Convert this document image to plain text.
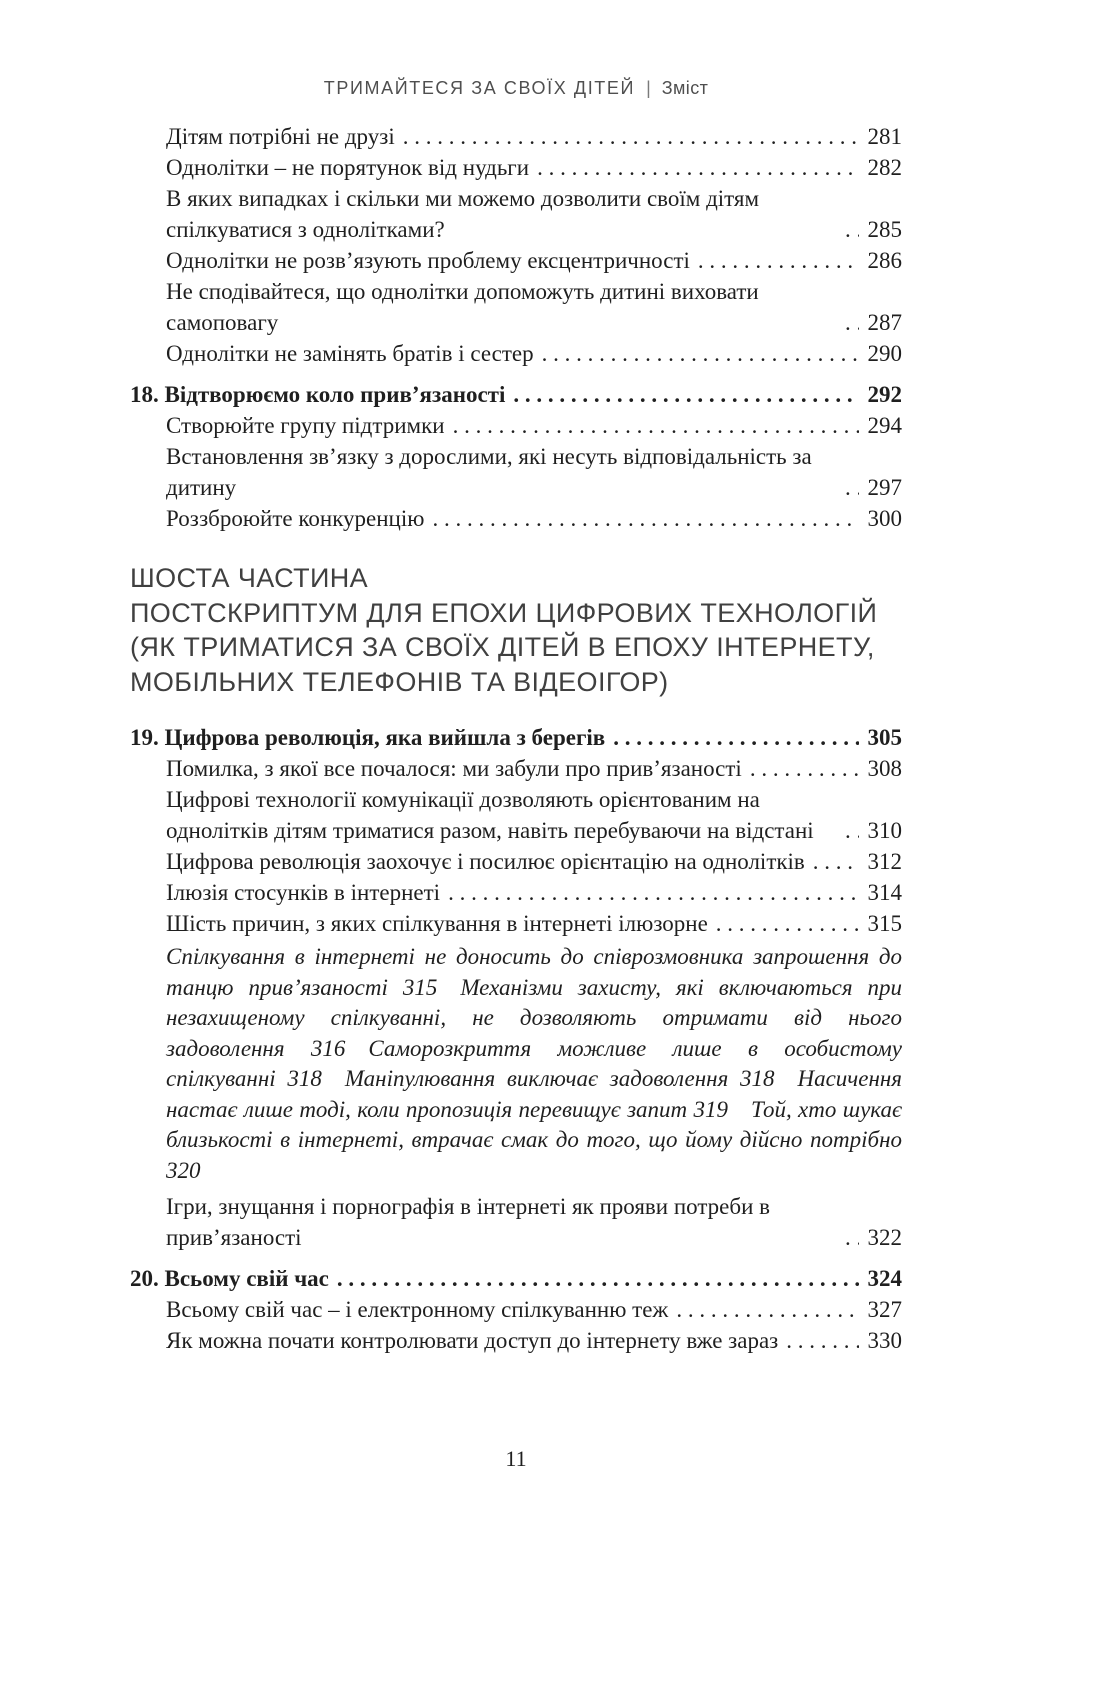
ТРИМАЙТЕСЯ ЗА СВОЇХ ДІТЕЙ | Зміст
Дітям потрібні не друзі . . .	281
Однолітки – не порятунок від нудьги . . .	282
В яких випадках і скільки ми можемо дозволити своїм дітям спілкуватися з однолітками? . . .	285
Однолітки не розв’язують проблему ексцентричності . . .	286
Не сподівайтеся, що однолітки допоможуть дитині виховати самоповагу . . .	287
Однолітки не замінять братів і сестер . . .	290
18. Відтворюємо коло прив’язаності . . .	292
Створюйте групу підтримки . . .	294
Встановлення зв’язку з дорослими, які несуть відповідальність за дитину . . .	297
Роззброюйте конкуренцію . . .	300
ШОСТА ЧАСТИНА
ПОСТСКРИПТУМ ДЛЯ ЕПОХИ ЦИФРОВИХ ТЕХНОЛОГІЙ
(ЯК ТРИМАТИСЯ ЗА СВОЇХ ДІТЕЙ В ЕПОХУ ІНТЕРНЕТУ,
МОБІЛЬНИХ ТЕЛЕФОНІВ ТА ВІДЕОІГОР)
19. Цифрова революція, яка вийшла з берегів . . .	305
Помилка, з якої все почалося: ми забули про прив’язаності . . .	308
Цифрові технології комунікації дозволяють орієнтованим на однолітків дітям триматися разом, навіть перебуваючи на відстані . . .	310
Цифрова революція заохочує і посилює орієнтацію на однолітків . . .	312
Ілюзія стосунків в інтернеті . . .	314
Шість причин, з яких спілкування в інтернеті ілюзорне . . .	315
Спілкування в інтернеті не доносить до співрозмовника запрошення до танцю прив’язаності 315 Механізми захисту, які включаються при незахищеному спілкуванні, не дозволяють отримати від нього задоволення 316 Саморозкриття можливе лише в особистому спілкуванні 318 Маніпулювання виключає задоволення 318 Насичення настає лише тоді, коли пропозиція перевищує запит 319 Той, хто шукає близькості в інтернеті, втрачає смак до того, що йому дійсно потрібно 320
Ігри, знущання і порнографія в інтернеті як прояви потреби в прив’язаності . . .	322
20. Всьому свій час . . .	324
Всьому свій час – і електронному спілкуванню теж . . .	327
Як можна почати контролювати доступ до інтернету вже зараз . . .	330
11
